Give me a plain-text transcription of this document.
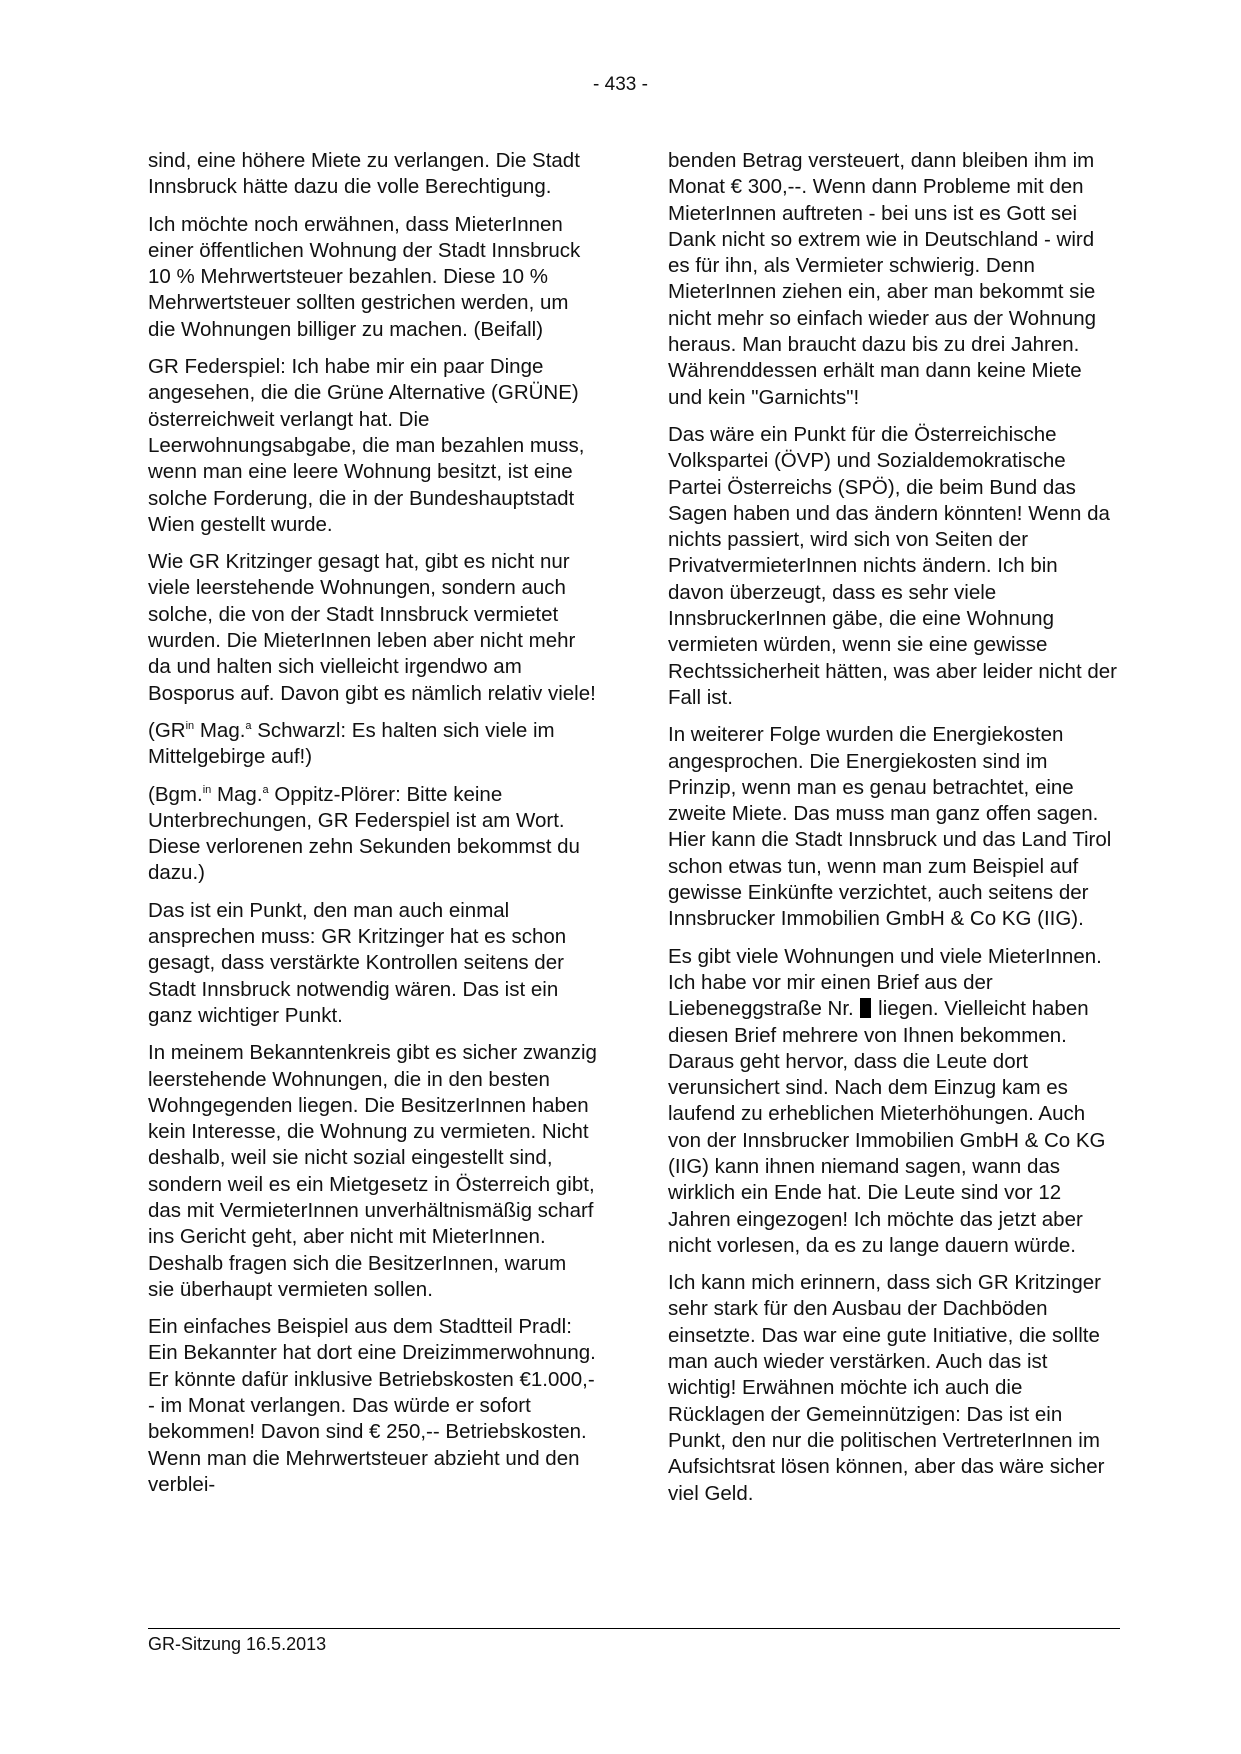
- 433 -

sind, eine höhere Miete zu verlangen. Die Stadt Innsbruck hätte dazu die volle Berechtigung.

Ich möchte noch erwähnen, dass MieterInnen einer öffentlichen Wohnung der Stadt Innsbruck 10 % Mehrwertsteuer bezahlen. Diese 10 % Mehrwertsteuer sollten gestrichen werden, um die Wohnungen billiger zu machen. (Beifall)

GR Federspiel: Ich habe mir ein paar Dinge angesehen, die die Grüne Alternative (GRÜNE) österreichweit verlangt hat. Die Leerwohnungsabgabe, die man bezahlen muss, wenn man eine leere Wohnung besitzt, ist eine solche Forderung, die in der Bundeshauptstadt Wien gestellt wurde.

Wie GR Kritzinger gesagt hat, gibt es nicht nur viele leerstehende Wohnungen, sondern auch solche, die von der Stadt Innsbruck vermietet wurden. Die MieterInnen leben aber nicht mehr da und halten sich vielleicht irgendwo am Bosporus auf. Davon gibt es nämlich relativ viele!

($GR^{in}$ Mag.$^a$ Schwarzl: Es halten sich viele im Mittelgebirge auf!)

(Bgm.$^{in}$ Mag.$^a$ Oppitz-Plörer: Bitte keine Unterbrechungen, GR Federspiel ist am Wort. Diese verlorenen zehn Sekunden bekommst du dazu.)

Das ist ein Punkt, den man auch einmal ansprechen muss: GR Kritzinger hat es schon gesagt, dass verstärkte Kontrollen seitens der Stadt Innsbruck notwendig wären. Das ist ein ganz wichtiger Punkt.

In meinem Bekanntenkreis gibt es sicher zwanzig leerstehende Wohnungen, die in den besten Wohngegenden liegen. Die BesitzerInnen haben kein Interesse, die Wohnung zu vermieten. Nicht deshalb, weil sie nicht sozial eingestellt sind, sondern weil es ein Mietgesetz in Österreich gibt, das mit VermieterInnen unverhältnismäßig scharf ins Gericht geht, aber nicht mit MieterInnen. Deshalb fragen sich die BesitzerInnen, warum sie überhaupt vermieten sollen.

Ein einfaches Beispiel aus dem Stadtteil Pradl: Ein Bekannter hat dort eine Dreizimmerwohnung. Er könnte dafür inklusive Betriebskosten €1.000,-- im Monat verlangen. Das würde er sofort bekommen! Davon sind € 250,-- Betriebskosten. Wenn man die Mehrwertsteuer abzieht und den verblei-

benden Betrag versteuert, dann bleiben ihm im Monat € 300,--. Wenn dann Probleme mit den MieterInnen auftreten - bei uns ist es Gott sei Dank nicht so extrem wie in Deutschland - wird es für ihn, als Vermieter schwierig. Denn MieterInnen ziehen ein, aber man bekommt sie nicht mehr so einfach wieder aus der Wohnung heraus. Man braucht dazu bis zu drei Jahren. Währenddessen erhält man dann keine Miete und kein "Garnichts"!

Das wäre ein Punkt für die Österreichische Volkspartei (ÖVP) und Sozialdemokratische Partei Österreichs (SPÖ), die beim Bund das Sagen haben und das ändern könnten! Wenn da nichts passiert, wird sich von Seiten der PrivatvermieterInnen nichts ändern. Ich bin davon überzeugt, dass es sehr viele InnsbruckerInnen gäbe, die eine Wohnung vermieten würden, wenn sie eine gewisse Rechtssicherheit hätten, was aber leider nicht der Fall ist.

In weiterer Folge wurden die Energiekosten angesprochen. Die Energiekosten sind im Prinzip, wenn man es genau betrachtet, eine zweite Miete. Das muss man ganz offen sagen. Hier kann die Stadt Innsbruck und das Land Tirol schon etwas tun, wenn man zum Beispiel auf gewisse Einkünfte verzichtet, auch seitens der Innsbrucker Immobilien GmbH & Co KG (IIG).

Es gibt viele Wohnungen und viele MieterInnen. Ich habe vor mir einen Brief aus der Liebeneggstraße Nr.  liegen. Vielleicht haben diesen Brief mehrere von Ihnen bekommen. Daraus geht hervor, dass die Leute dort verunsichert sind. Nach dem Einzug kam es laufend zu erheblichen Mieterhöhungen. Auch von der Innsbrucker Immobilien GmbH & Co KG (IIG) kann ihnen niemand sagen, wann das wirklich ein Ende hat. Die Leute sind vor 12 Jahren eingezogen! Ich möchte das jetzt aber nicht vorlesen, da es zu lange dauern würde.

Ich kann mich erinnern, dass sich GR Kritzinger sehr stark für den Ausbau der Dachböden einsetzte. Das war eine gute Initiative, die sollte man auch wieder verstärken. Auch das ist wichtig! Erwähnen möchte ich auch die Rücklagen der Gemeinnützigen: Das ist ein Punkt, den nur die politischen VertreterInnen im Aufsichtsrat lösen können, aber das wäre sicher viel Geld.

GR-Sitzung 16.5.2013
